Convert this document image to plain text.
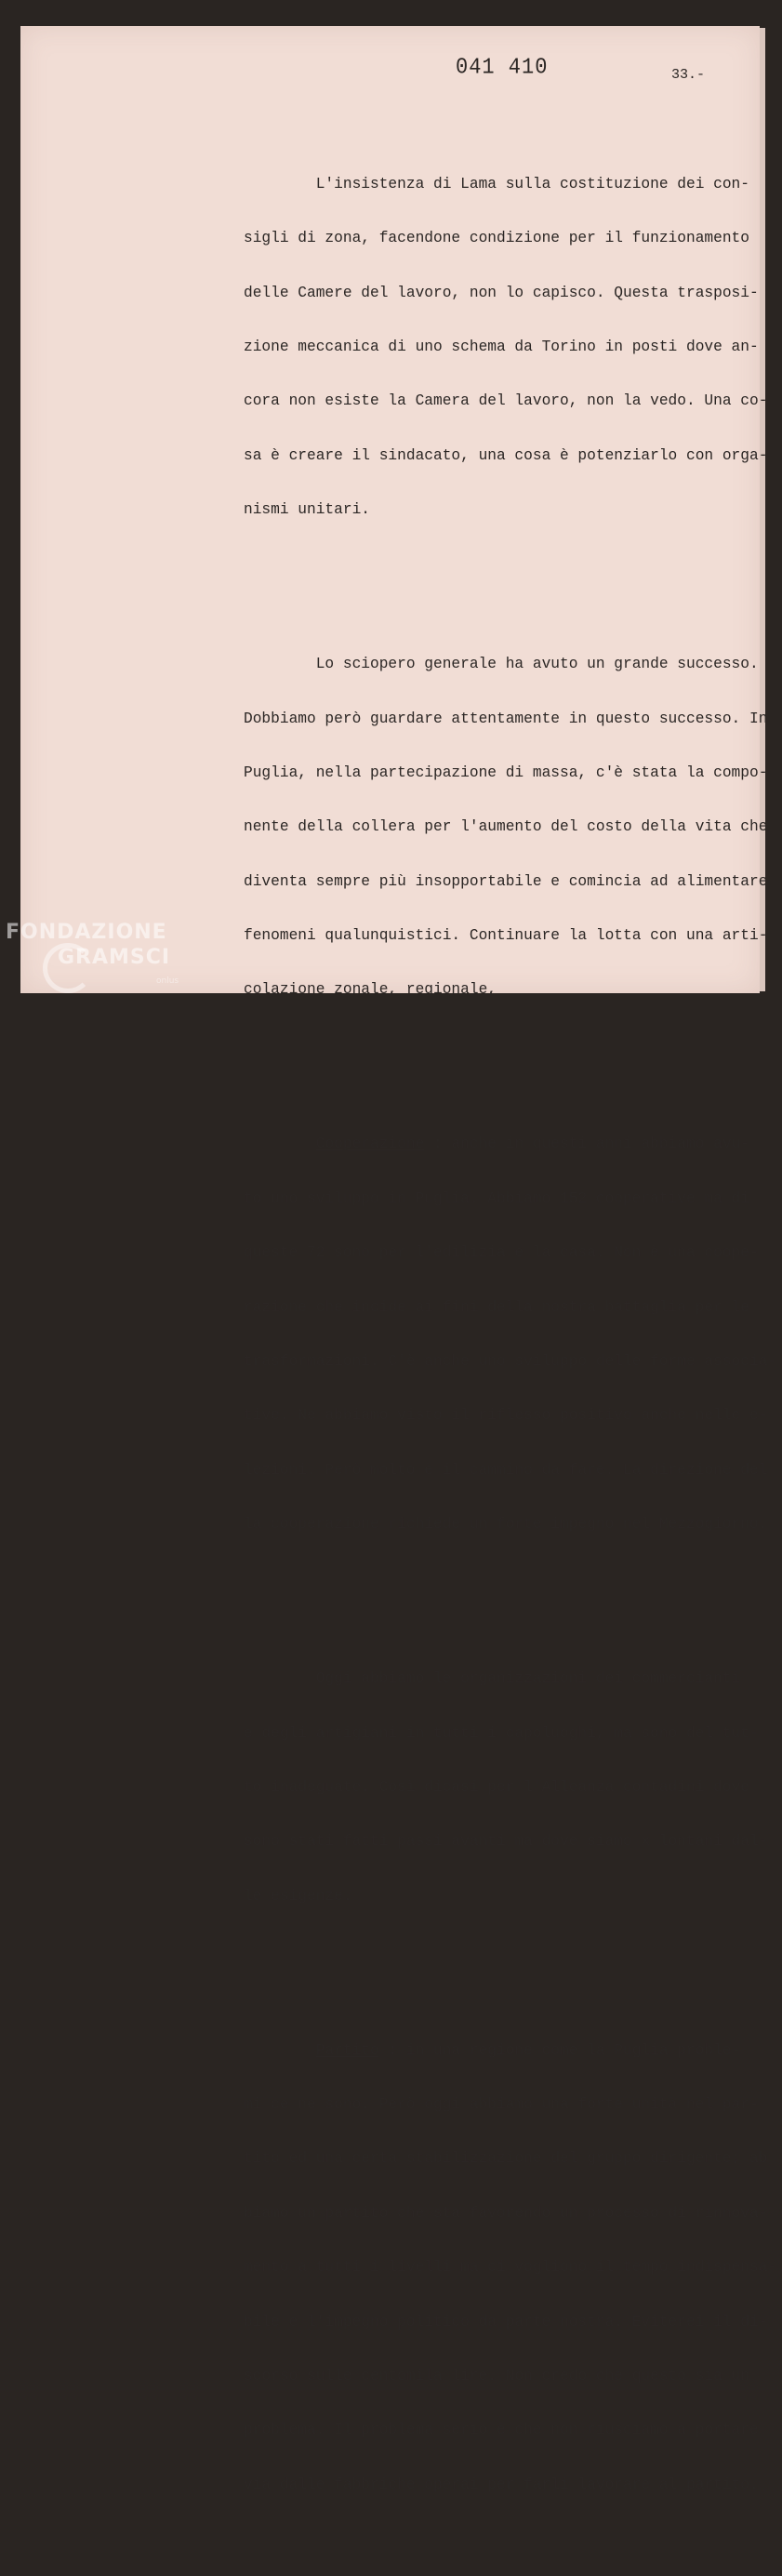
041 410	33.-

L'insistenza di Lama sulla costituzione dei con-

sigli di zona, facendone condizione per il funzionamento

delle Camere del lavoro, non lo capisco. Questa trasposi-

zione meccanica di uno schema da Torino in posti dove an-

cora non esiste la Camera del lavoro, non la vedo. Una co-

sa è creare il sindacato, una cosa è potenziarlo con orga-

nismi unitari.

Lo sciopero generale ha avuto un grande successo.

Dobbiamo però guardare attentamente in questo successo. In

Puglia, nella partecipazione di massa, c'è stata la compo-

nente della collera per l'aumento del costo della vita che

diventa sempre più insopportabile e comincia ad alimentare

fenomeni qualunquistici. Continuare la lotta con una arti-

colazione zonale, regionale,

Cooperazione : anche in questi anni abbiamo avu-

to uno sviluppo in Puglia. Abbiamo 152 cooperative ma di

queste 72 sono per l'edilizia e la casa. Non è una coope-

razione che incide ai fini della nostra battaglia per le

trasformazioni. C'è anche uno sviluppo delle forme associa-

tive. Ne abbiamo visto il riflesso positivo anche nelle e-

lezioni. Però molto è il cammino da fare. La direzione del

la cooperazione richiede un forte impegno nel Mezzogiorno.

Oggi abbiamo le organizzazioni dei commercianti

e degli artigiani in tutti i capoluoghi, ma sono del tut-

to inadeguate. Così dicasi per l'Alleanza contadini dove

sono stati fatti passi avanti ma dove siamo x lontani dal-

le esigenze.

Partito : in una regione come la Puglia proble-

mi ce ne sono. Però oggi abbiamo una forte unità nel par-

tito ed una certa stabilizzazione del gruppo dirigente; ab

biamo un partito che sta favorendo un processo di rinnova-

mento a tutti i livelli ma ci vogliono il tempo indispensa-

bile e l'impegno politico da parte nostra. Eviterei il di-

scorso sulle centomila lire. Non credo che questo sia un

problema. Il problema serio è che non riusciamo a portare

via dalle fabbriche operai per farli lavorare al partito.

FONDAZIONE
GRAMSCI
onlus
